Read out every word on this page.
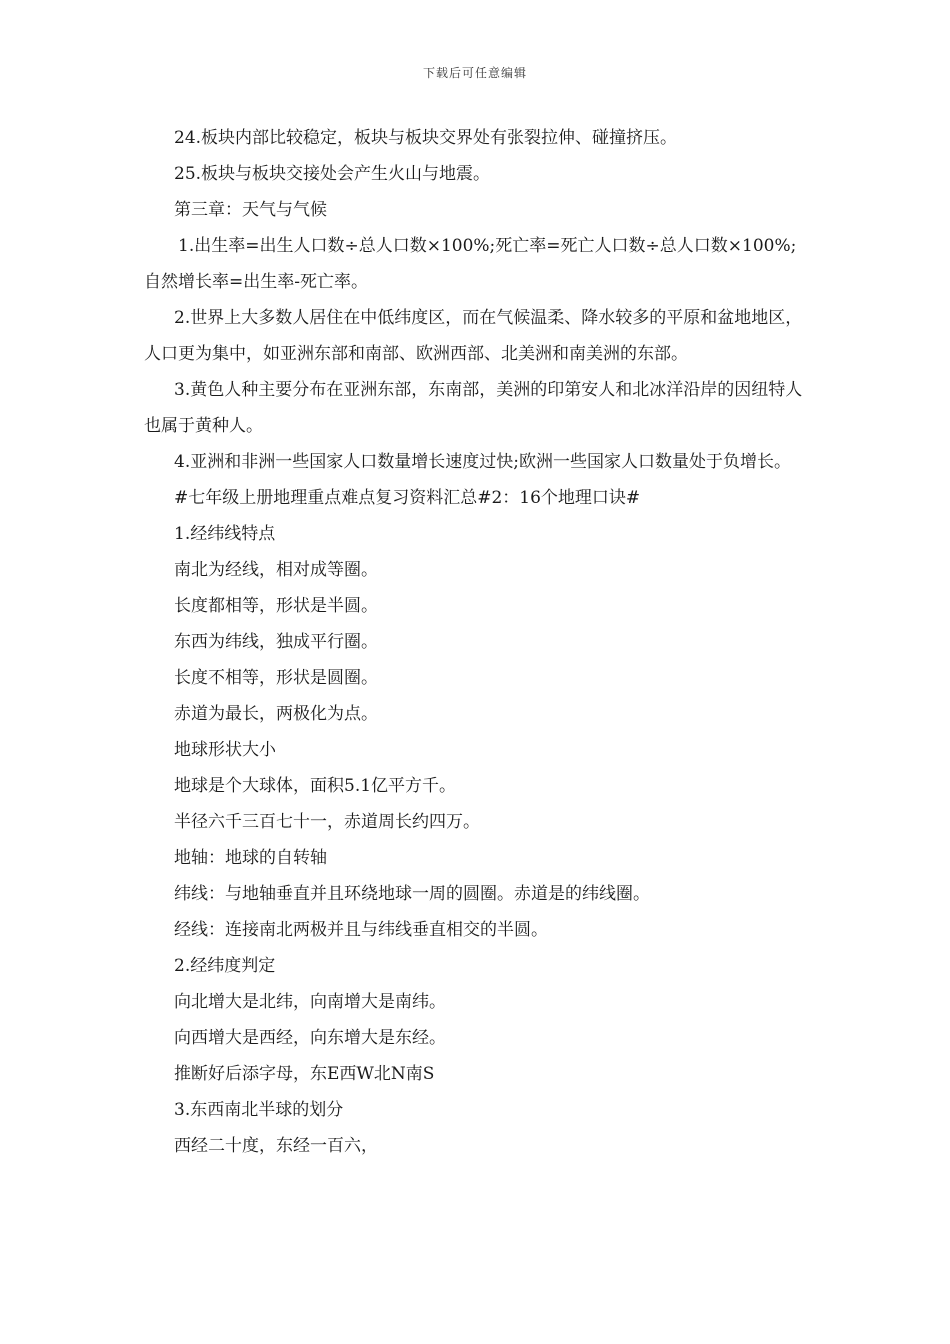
下载后可任意编辑

24.板块内部比较稳定，板块与板块交界处有张裂拉伸、碰撞挤压。

25.板块与板块交接处会产生火山与地震。

第三章：天气与气候

1.出生率=出生人口数÷总人口数×100%;死亡率=死亡人口数÷总人口数×100%;自然增长率=出生率-死亡率。

2.世界上大多数人居住在中低纬度区，而在气候温柔、降水较多的平原和盆地地区，人口更为集中，如亚洲东部和南部、欧洲西部、北美洲和南美洲的东部。

3.黄色人种主要分布在亚洲东部，东南部，美洲的印第安人和北冰洋沿岸的因纽特人也属于黄种人。

4.亚洲和非洲一些国家人口数量增长速度过快;欧洲一些国家人口数量处于负增长。

#七年级上册地理重点难点复习资料汇总#2：16个地理口诀#

1.经纬线特点

南北为经线，相对成等圈。

长度都相等，形状是半圆。

东西为纬线，独成平行圈。

长度不相等，形状是圆圈。

赤道为最长，两极化为点。

地球形状大小

地球是个大球体，面积5.1亿平方千。

半径六千三百七十一，赤道周长约四万。

地轴：地球的自转轴

纬线：与地轴垂直并且环绕地球一周的圆圈。赤道是的纬线圈。

经线：连接南北两极并且与纬线垂直相交的半圆。

2.经纬度判定

向北增大是北纬，向南增大是南纬。

向西增大是西经，向东增大是东经。

推断好后添字母，东E西W北N南S

3.东西南北半球的划分

西经二十度，东经一百六，
